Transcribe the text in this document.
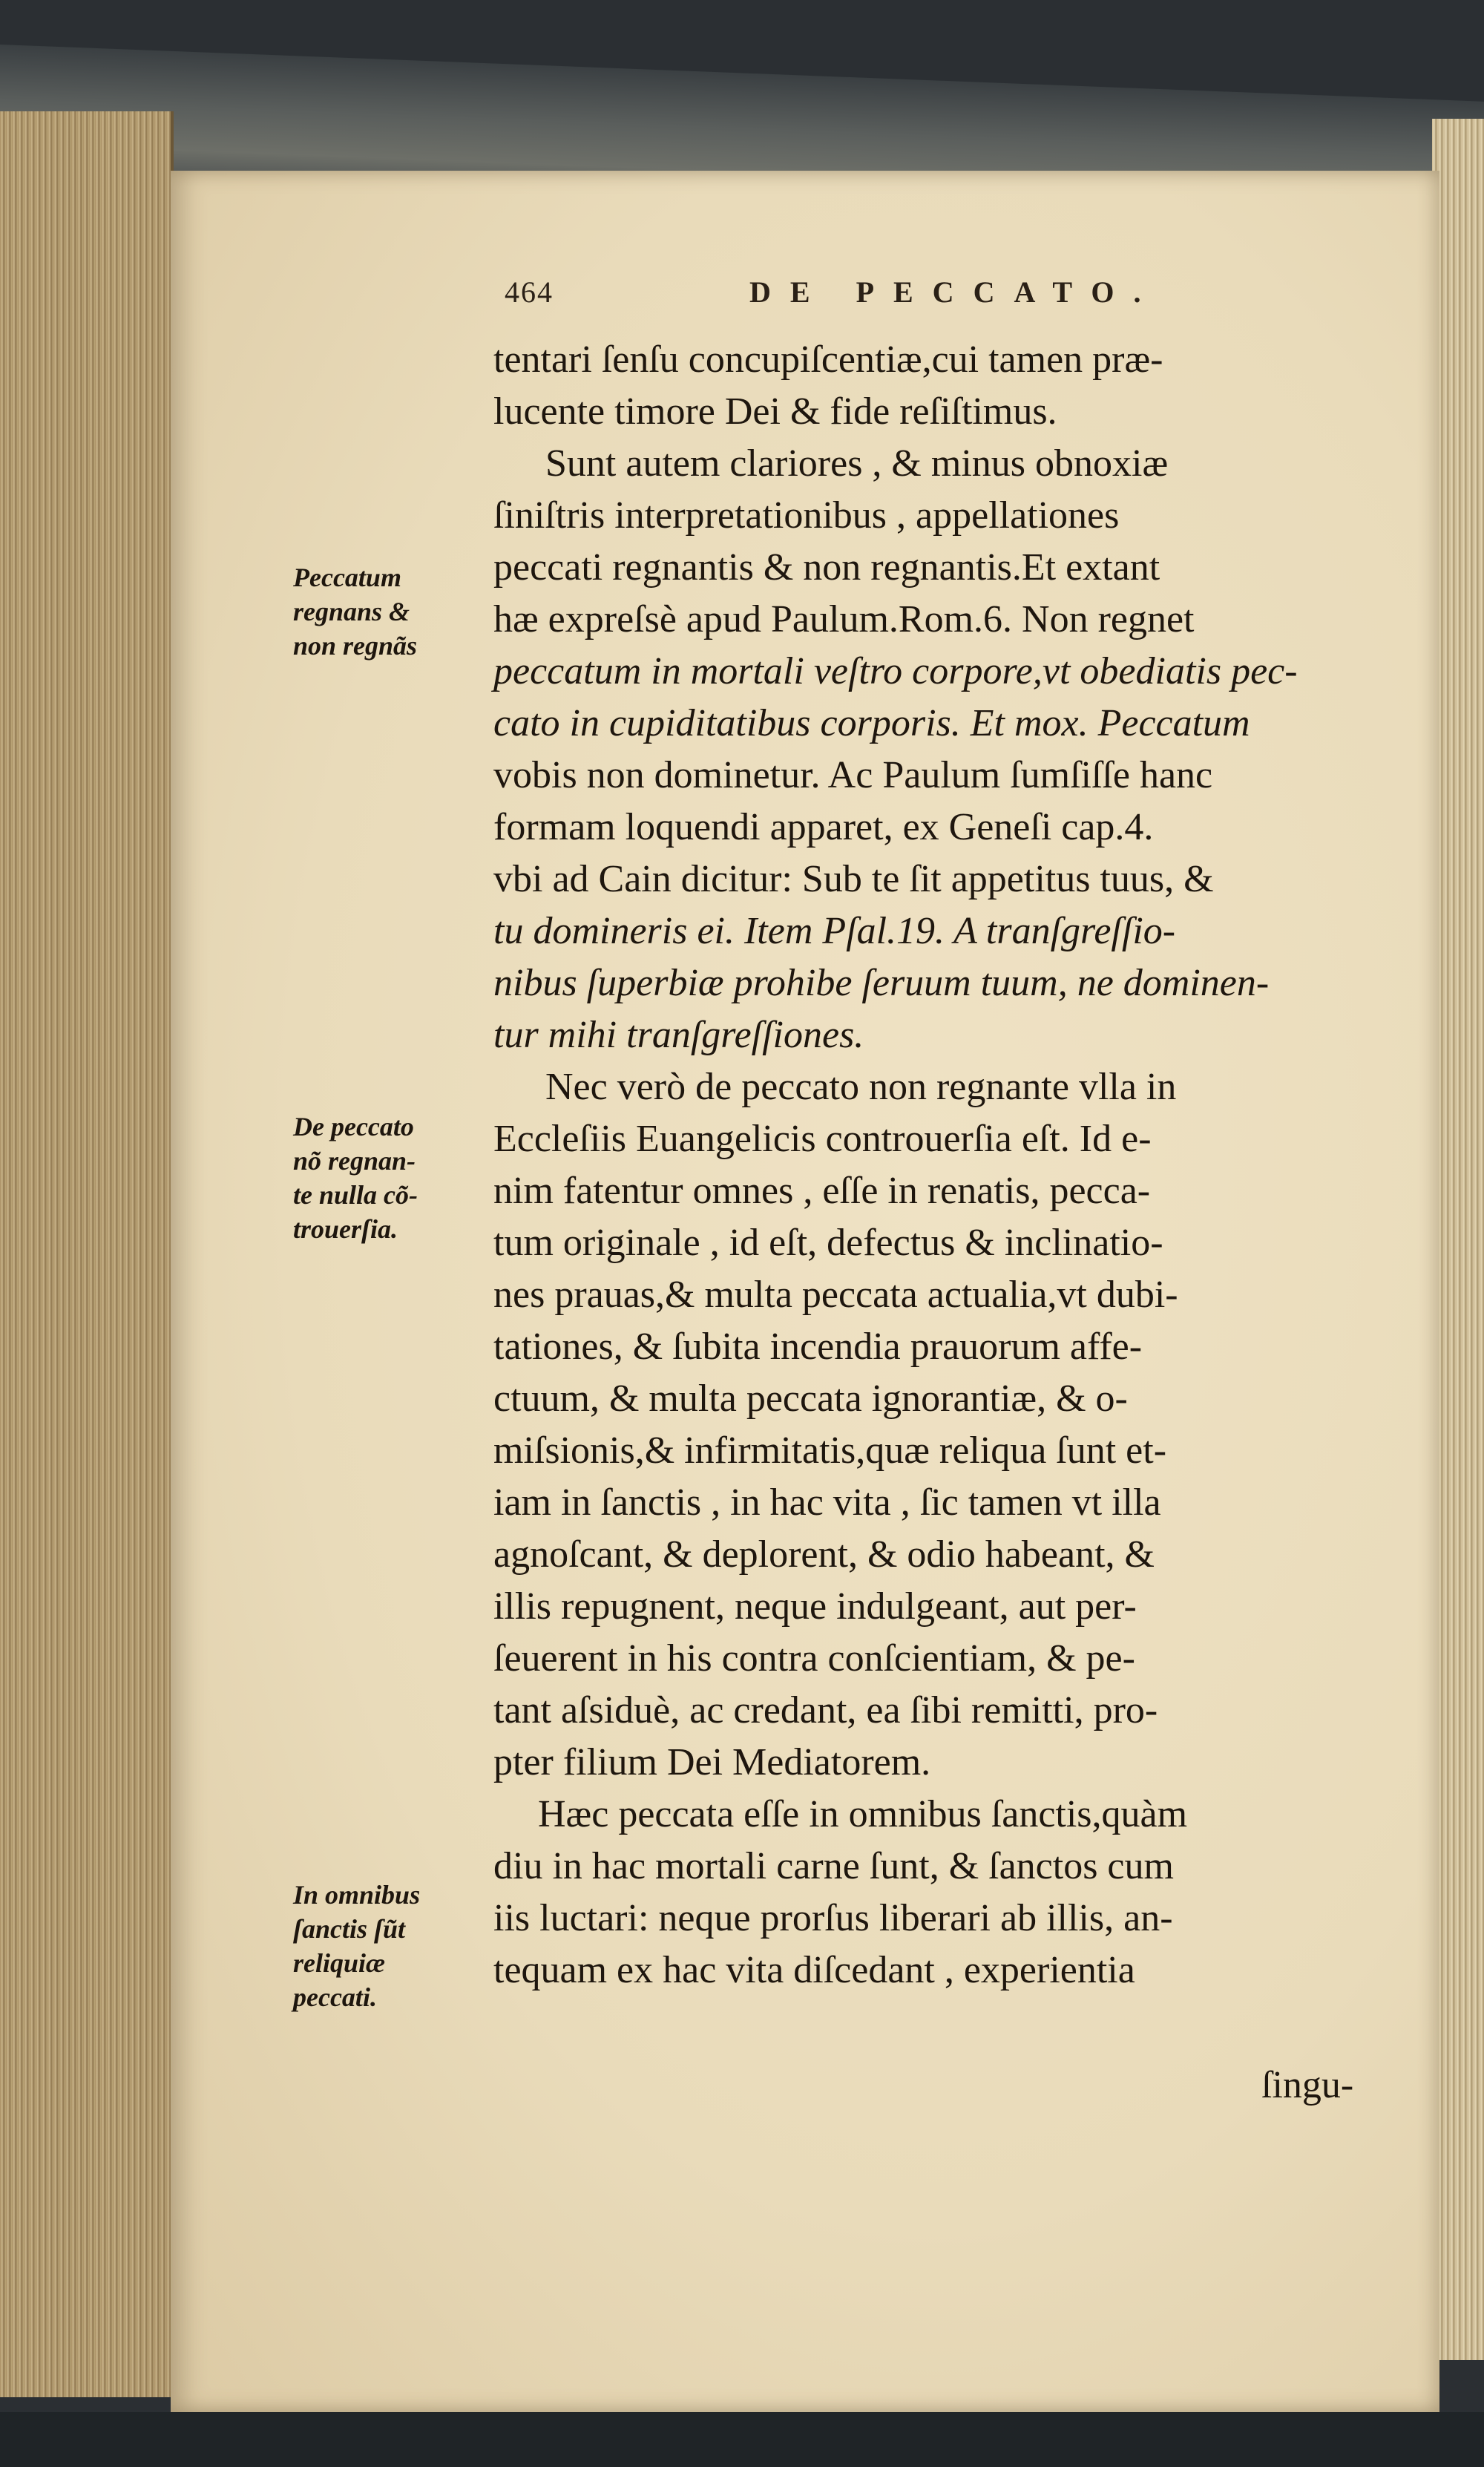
464	DE PECCATO.
tentari ſenſu concupiſcentiæ,cui tamen præ-
lucente timore Dei & fide reſiſtimus.
Sunt autem clariores , & minus obnoxiæ
ſiniſtris interpretationibus , appellationes
peccati regnantis & non regnantis.Et extant
hæ expreſsè apud Paulum.Rom.6. Non regnet
peccatum in mortali veſtro corpore,vt obediatis pec-
cato in cupiditatibus corporis. Et mox. Peccatum
vobis non dominetur. Ac Paulum ſumſiſſe hanc
formam loquendi apparet, ex Geneſi cap.4.
vbi ad Cain dicitur: Sub te ſit appetitus tuus, &
tu domineris ei. Item Pſal.19. A tranſgreſſio-
nibus ſuperbiæ prohibe ſeruum tuum, ne dominen-
tur mihi tranſgreſſiones.
Nec verò de peccato non regnante vlla in
Eccleſiis Euangelicis controuerſia eſt. Id e-
nim fatentur omnes , eſſe in renatis, pecca-
tum originale , id eſt, defectus & inclinatio-
nes prauas,& multa peccata actualia,vt dubi-
tationes, & ſubita incendia prauorum affe-
ctuum, & multa peccata ignorantiæ, & o-
miſsionis,& infirmitatis,quæ reliqua ſunt et-
iam in ſanctis , in hac vita , ſic tamen vt illa
agnoſcant, & deplorent, & odio habeant, &
illis repugnent, neque indulgeant, aut per-
ſeuerent in his contra conſcientiam, & pe-
tant aſsiduè, ac credant, ea ſibi remitti, pro-
pter filium Dei Mediatorem.
Hæc peccata eſſe in omnibus ſanctis,quàm
diu in hac mortali carne ſunt, & ſanctos cum
iis luctari: neque prorſus liberari ab illis, an-
tequam ex hac vita diſcedant , experientia
ſingu-
Peccatum
regnans &
non regnãs
De peccato
nõ regnan-
te nulla cõ-
trouerſia.
In omnibus
ſanctis ſũt
reliquiæ
peccati.
